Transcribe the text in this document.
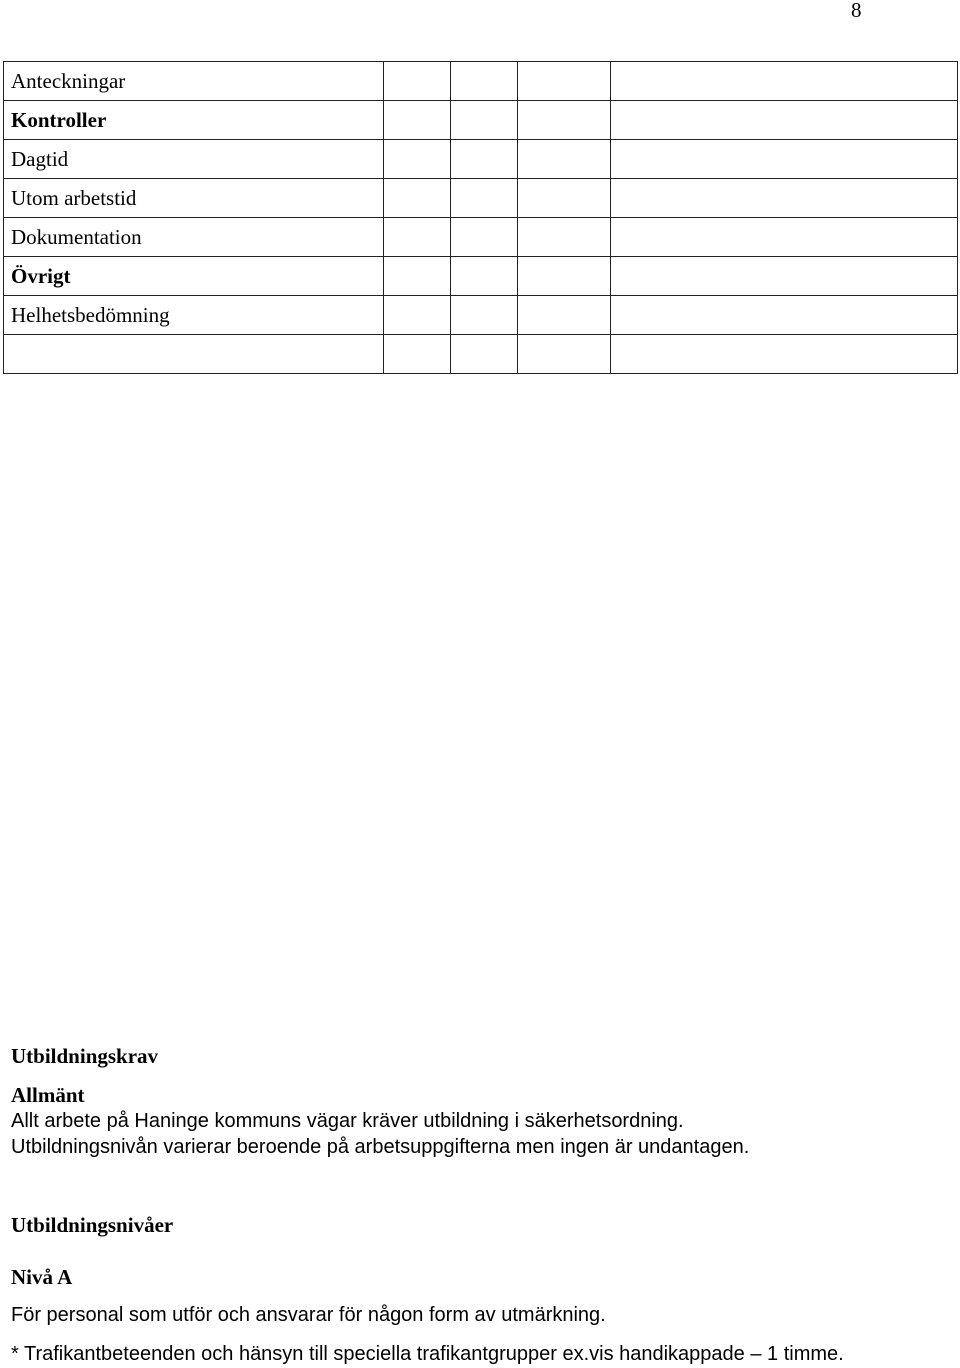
8
Anteckningar				
Kontroller				
Dagtid				
Utom arbetstid				
Dokumentation				
Övrigt				
Helhetsbedömning				

Utbildningskrav
Allmänt
Allt arbete på Haninge kommuns vägar kräver utbildning i säkerhetsordning.
Utbildningsnivån varierar beroende på arbetsuppgifterna men ingen är undantagen.
Utbildningsnivåer
Nivå A
För personal som utför och ansvarar för någon form av utmärkning.
* Trafikantbeteenden och hänsyn till speciella trafikantgrupper ex.vis handikappade – 1 timme.
